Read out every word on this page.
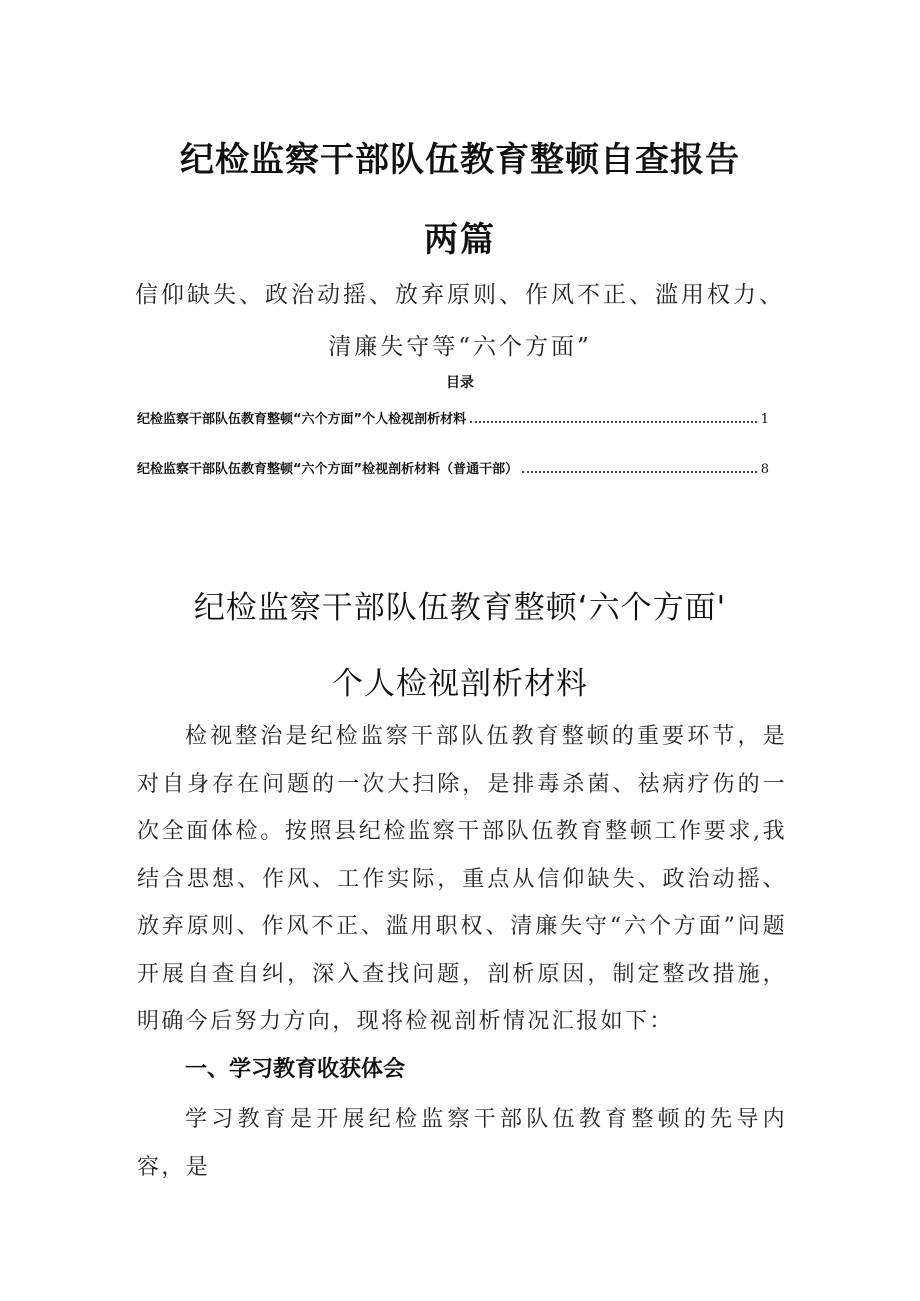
纪检监察干部队伍教育整顿自查报告
两篇
信仰缺失、政治动摇、放弃原则、作风不正、滥用权力、
清廉失守等“六个方面”
目录
纪检监察干部队伍教育整顿“六个方面”个人检视剖析材料	1
纪检监察干部队伍教育整顿“六个方面”检视剖析材料（普通干部）	8
纪检监察干部队伍教育整顿‘六个方面'
个人检视剖析材料
检视整治是纪检监察干部队伍教育整顿的重要环节，是对自身存在问题的一次大扫除，是排毒杀菌、祛病疗伤的一次全面体检。按照县纪检监察干部队伍教育整顿工作要求,我结合思想、作风、工作实际，重点从信仰缺失、政治动摇、放弃原则、作风不正、滥用职权、清廉失守“六个方面”问题开展自查自纠，深入查找问题，剖析原因，制定整改措施，明确今后努力方向，现将检视剖析情况汇报如下：
一、学习教育收获体会
学习教育是开展纪检监察干部队伍教育整顿的先导内容，是
